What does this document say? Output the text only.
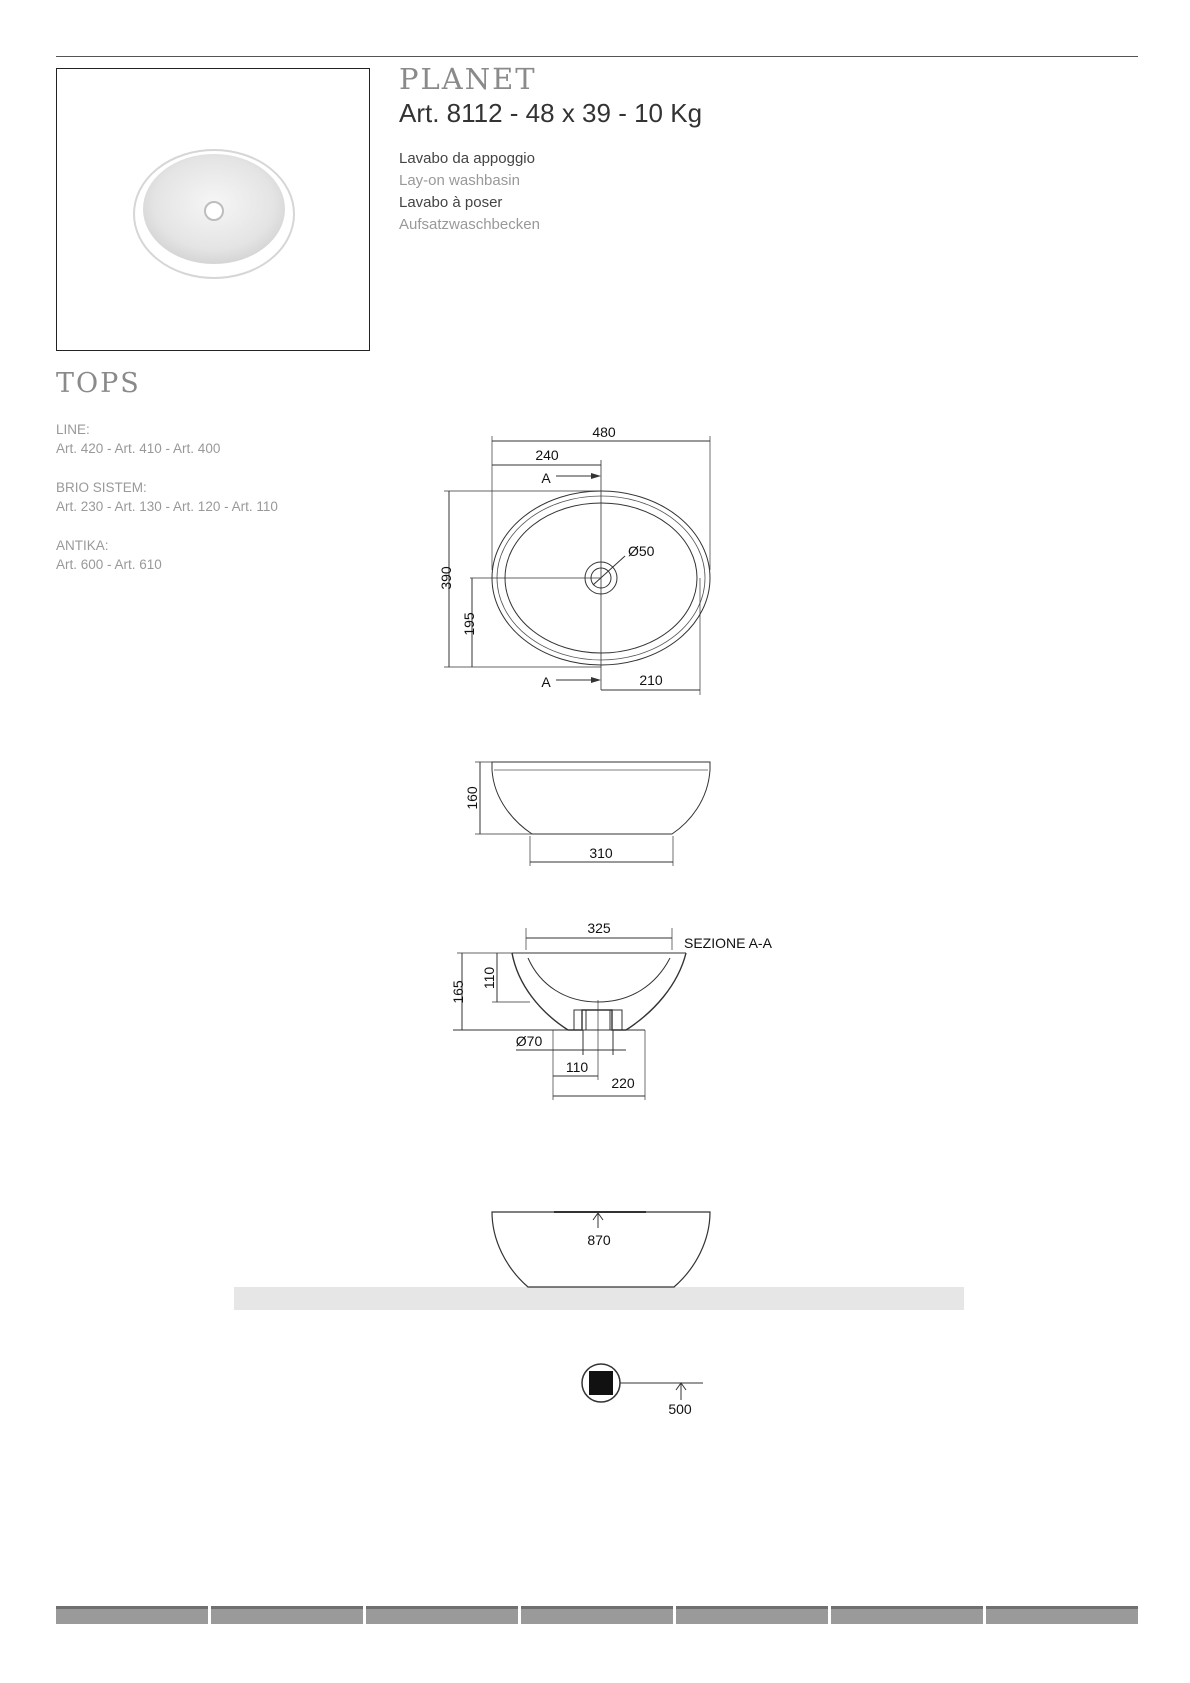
PLANET
Art. 8112 - 48 x 39 - 10 Kg
Lavabo da appoggio
Lay-on washbasin
Lavabo à poser
Aufsatzwaschbecken
TOPS
LINE:
Art. 420 - Art. 410 - Art. 400
BRIO SISTEM:
Art. 230 - Art. 130 - Art. 120 - Art. 110
ANTIKA:
Art. 600 - Art. 610
480
240
A
Ø50
390
195
A	210
160
310
325
SEZIONE A-A
165
110
Ø70
110
220
870
500
